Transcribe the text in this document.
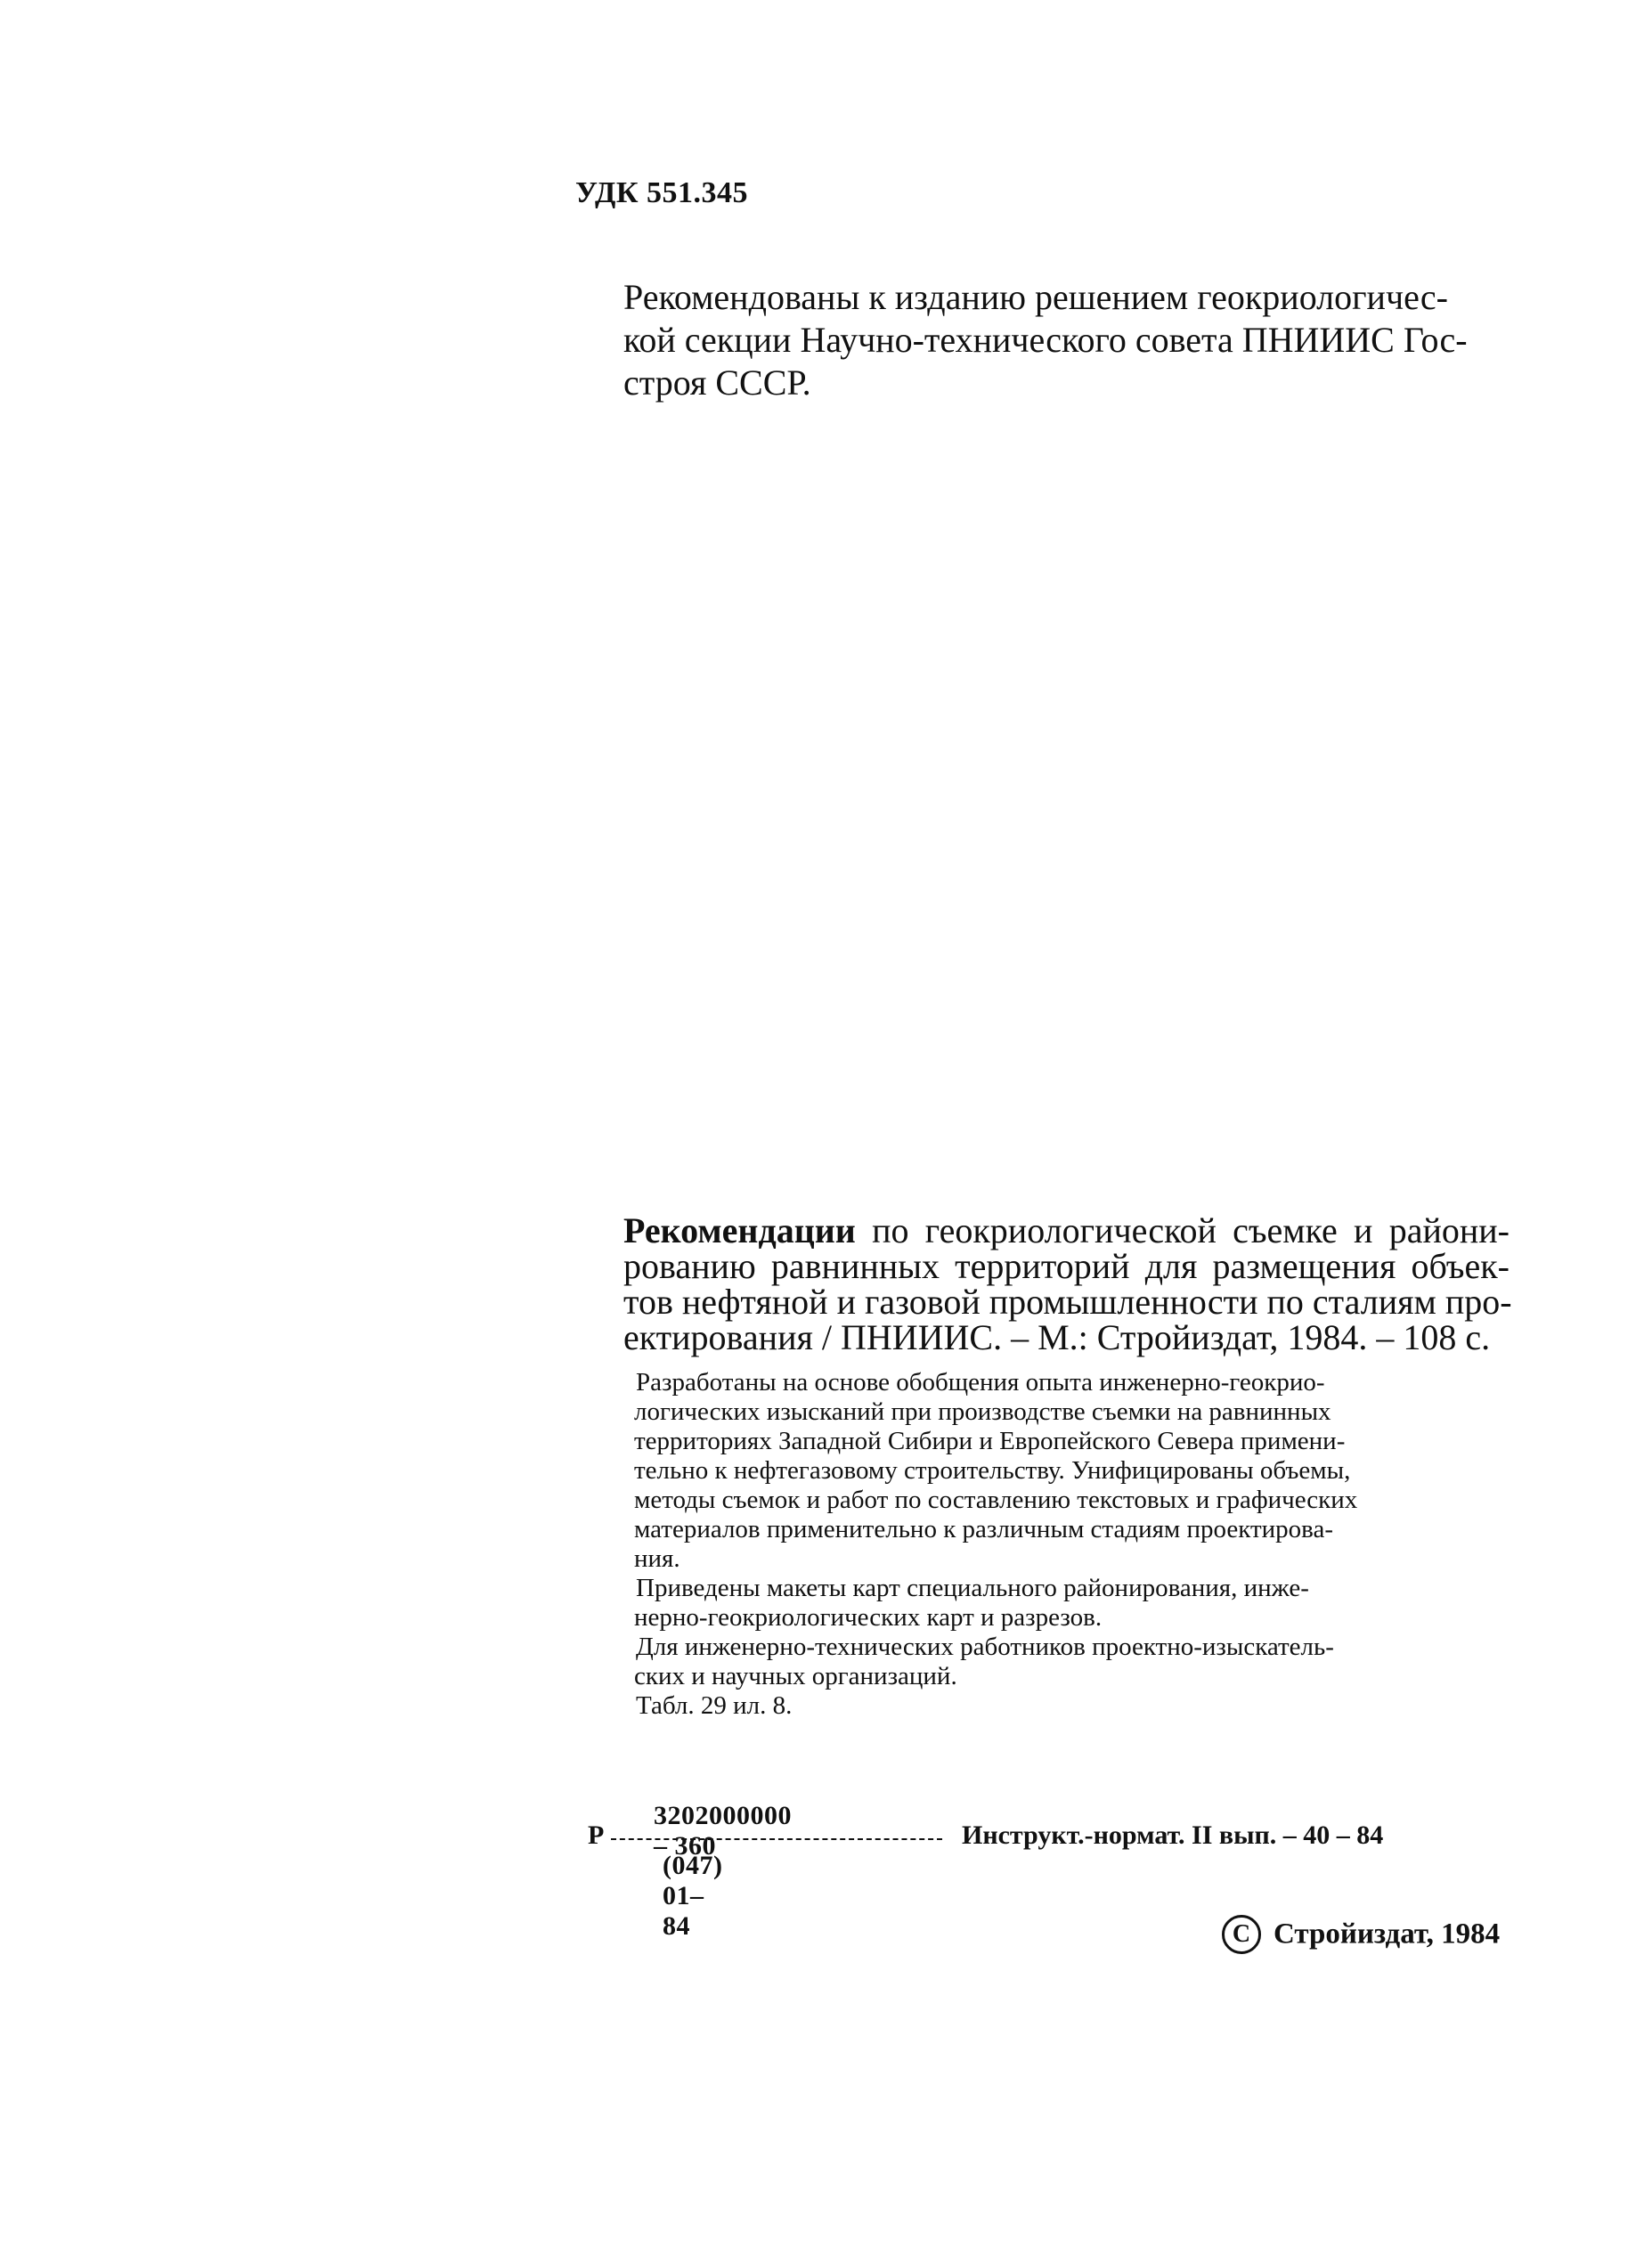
УДК 551.345
Рекомендованы к изданию решением геокриологичес-
кой секции Научно-технического совета ПНИИИС Гос-
строя СССР.
Рекомендации по геокриологической съемке и райони-
рованию равнинных территорий для размещения объек-
тов нефтяной и газовой промышленности по сталиям про-
ектирования / ПНИИИС. – М.: Стройиздат, 1984. – 108 с.
Разработаны на основе обобщения опыта инженерно-геокрио-
логических изысканий при производстве съемки на равнинных
территориях Западной Сибири и Европейского Севера примени-
тельно к нефтегазовому строительству. Унифицированы объемы,
методы съемок и работ по составлению текстовых и графических
материалов применительно к различным стадиям проектирова-
ния.
Приведены макеты карт специального районирования, инже-
нерно-геокриологических карт и разрезов.
Для инженерно-технических работников проектно-изыскатель-
ских и научных организаций.
Табл. 29 ил. 8.
Р
3202000000 – 360
(047) 01– 84
Инструкт.-нормат. II вып. – 40 – 84
C Стройиздат, 1984
